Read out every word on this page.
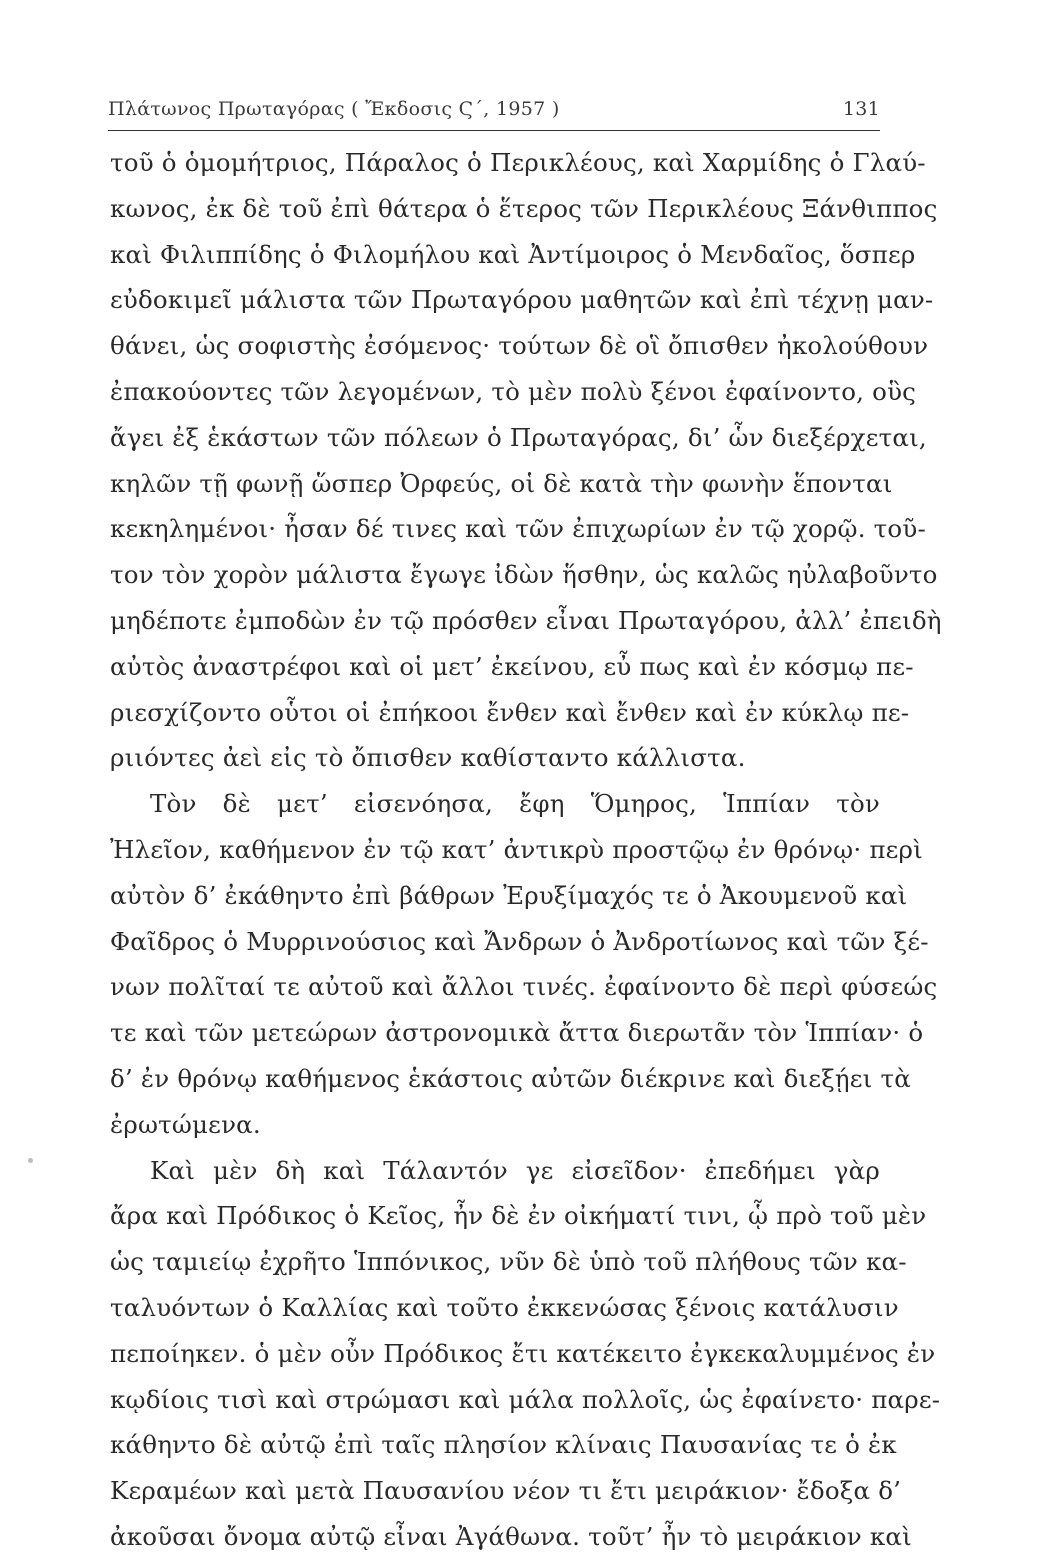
Πλάτωνος Πρωταγόρας ( Ἔκδοσις Ϛ΄, 1957 )	131
τοῦ ὁ ὁμομήτριος, Πάραλος ὁ Περικλέους, καὶ Χαρμίδης ὁ Γλαύ-
κωνος, ἐκ δὲ τοῦ ἐπὶ θάτερα ὁ ἕτερος τῶν Περικλέους Ξάνθιππος
καὶ Φιλιππίδης ὁ Φιλομήλου καὶ Ἀντίμοιρος ὁ Μενδαῖος, ὅσπερ
εὐδοκιμεῖ μάλιστα τῶν Πρωταγόρου μαθητῶν καὶ ἐπὶ τέχνῃ μαν-
θάνει, ὡς σοφιστὴς ἐσόμενος· τούτων δὲ οἳ ὄπισθεν ἠκολούθουν
ἐπακούοντες τῶν λεγομένων, τὸ μὲν πολὺ ξένοι ἐφαίνοντο, οὓς
ἄγει ἐξ ἑκάστων τῶν πόλεων ὁ Πρωταγόρας, δι’ ὧν διεξέρχεται,
κηλῶν τῇ φωνῇ ὥσπερ Ὀρφεύς, οἱ δὲ κατὰ τὴν φωνὴν ἕπονται
κεκηλημένοι· ἦσαν δέ τινες καὶ τῶν ἐπιχωρίων ἐν τῷ χορῷ. τοῦ-
τον τὸν χορὸν μάλιστα ἔγωγε ἰδὼν ἥσθην, ὡς καλῶς ηὐλαβοῦντο
μηδέποτε ἐμποδὼν ἐν τῷ πρόσθεν εἶναι Πρωταγόρου, ἀλλ’ ἐπειδὴ
αὐτὸς ἀναστρέφοι καὶ οἱ μετ’ ἐκείνου, εὖ πως καὶ ἐν κόσμῳ πε-
ριεσχίζοντο οὗτοι οἱ ἐπήκοοι ἔνθεν καὶ ἔνθεν καὶ ἐν κύκλῳ πε-
ριιόντες ἀεὶ εἰς τὸ ὄπισθεν καθίσταντο κάλλιστα.
Τὸν δὲ μετ’ εἰσενόησα, ἔφη Ὅμηρος, Ἱππίαν τὸν
Ἠλεῖον, καθήμενον ἐν τῷ κατ’ ἀντικρὺ προστῷῳ ἐν θρόνῳ· περὶ
αὐτὸν δ’ ἐκάθηντο ἐπὶ βάθρων Ἐρυξίμαχός τε ὁ Ἀκουμενοῦ καὶ
Φαῖδρος ὁ Μυρρινούσιος καὶ Ἄνδρων ὁ Ἀνδροτίωνος καὶ τῶν ξέ-
νων πολῖταί τε αὐτοῦ καὶ ἄλλοι τινές. ἐφαίνοντο δὲ περὶ φύσεώς
τε καὶ τῶν μετεώρων ἀστρονομικὰ ἄττα διερωτᾶν τὸν Ἱππίαν· ὁ
δ’ ἐν θρόνῳ καθήμενος ἑκάστοις αὐτῶν διέκρινε καὶ διεξῄει τὰ
ἐρωτώμενα.
Καὶ μὲν δὴ καὶ Τάλαντόν γε εἰσεῖδον· ἐπεδήμει γὰρ
ἄρα καὶ Πρόδικος ὁ Κεῖος, ἦν δὲ ἐν οἰκήματί τινι, ᾧ πρὸ τοῦ μὲν
ὡς ταμιείῳ ἐχρῆτο Ἱππόνικος, νῦν δὲ ὑπὸ τοῦ πλήθους τῶν κα-
ταλυόντων ὁ Καλλίας καὶ τοῦτο ἐκκενώσας ξένοις κατάλυσιν
πεποίηκεν. ὁ μὲν οὖν Πρόδικος ἔτι κατέκειτο ἐγκεκαλυμμένος ἐν
κῳδίοις τισὶ καὶ στρώμασι καὶ μάλα πολλοῖς, ὡς ἐφαίνετο· παρε-
κάθηντο δὲ αὐτῷ ἐπὶ ταῖς πλησίον κλίναις Παυσανίας τε ὁ ἐκ
Κεραμέων καὶ μετὰ Παυσανίου νέον τι ἔτι μειράκιον· ἔδοξα δ’
ἀκοῦσαι ὄνομα αὐτῷ εἶναι Ἀγάθωνα. τοῦτ’ ἦν τὸ μειράκιον καὶ
